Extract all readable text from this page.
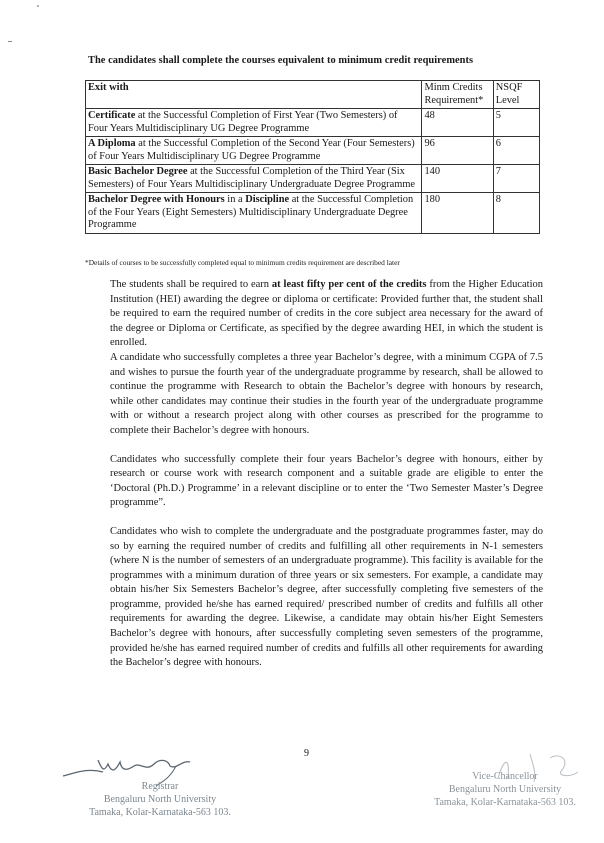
The candidates shall complete the courses equivalent to minimum credit requirements
Exit with	Minm Credits Requirement*	NSQF Level
Certificate at the Successful Completion of First Year (Two Semesters) of Four Years Multidisciplinary UG Degree Programme	48	5
A Diploma at the Successful Completion of the Second Year (Four Semesters) of Four Years Multidisciplinary UG Degree Programme	96	6
Basic Bachelor Degree at the Successful Completion of the Third Year (Six Semesters) of Four Years Multidisciplinary Undergraduate Degree Programme	140	7
Bachelor Degree with Honours in a Discipline at the Successful Completion of the Four Years (Eight Semesters) Multidisciplinary Undergraduate Degree Programme	180	8
*Details of courses to be successfully completed equal to minimum credits requirement are described later

The students shall be required to earn at least fifty per cent of the credits from the Higher Education Institution (HEI) awarding the degree or diploma or certificate: Provided further that, the student shall be required to earn the required number of credits in the core subject area necessary for the award of the degree or Diploma or Certificate, as specified by the degree awarding HEI, in which the student is enrolled.

A candidate who successfully completes a three year Bachelor’s degree, with a minimum CGPA of 7.5 and wishes to pursue the fourth year of the undergraduate programme by research, shall be allowed to continue the programme with Research to obtain the Bachelor’s degree with honours by research, while other candidates may continue their studies in the fourth year of the undergraduate programme with or without a research project along with other courses as prescribed for the programme to complete their Bachelor’s degree with honours.

Candidates who successfully complete their four years Bachelor’s degree with honours, either by research or course work with research component and a suitable grade are eligible to enter the ‘Doctoral (Ph.D.) Programme’ in a relevant discipline or to enter the ‘Two Semester Master’s Degree programme”.

Candidates who wish to complete the undergraduate and the postgraduate programmes faster, may do so by earning the required number of credits and fulfilling all other requirements in N-1 semesters (where N is the number of semesters of an undergraduate programme). This facility is available for the programmes with a minimum duration of three years or six semesters. For example, a candidate may obtain his/her Six Semesters Bachelor’s degree, after successfully completing five semesters of the programme, provided he/she has earned required/ prescribed number of credits and fulfills all other requirements for awarding the degree. Likewise, a candidate may obtain his/her Eight Semesters Bachelor’s degree with honours, after successfully completing seven semesters of the programme, provided he/she has earned required number of credits and fulfills all other requirements for awarding the Bachelor’s degree with honours.

9
Registrar
Bengaluru North University
Tamaka, Kolar-Karnataka-563 103.
Vice-Chancellor
Bengaluru North University
Tamaka, Kolar-Karnataka-563 103.
